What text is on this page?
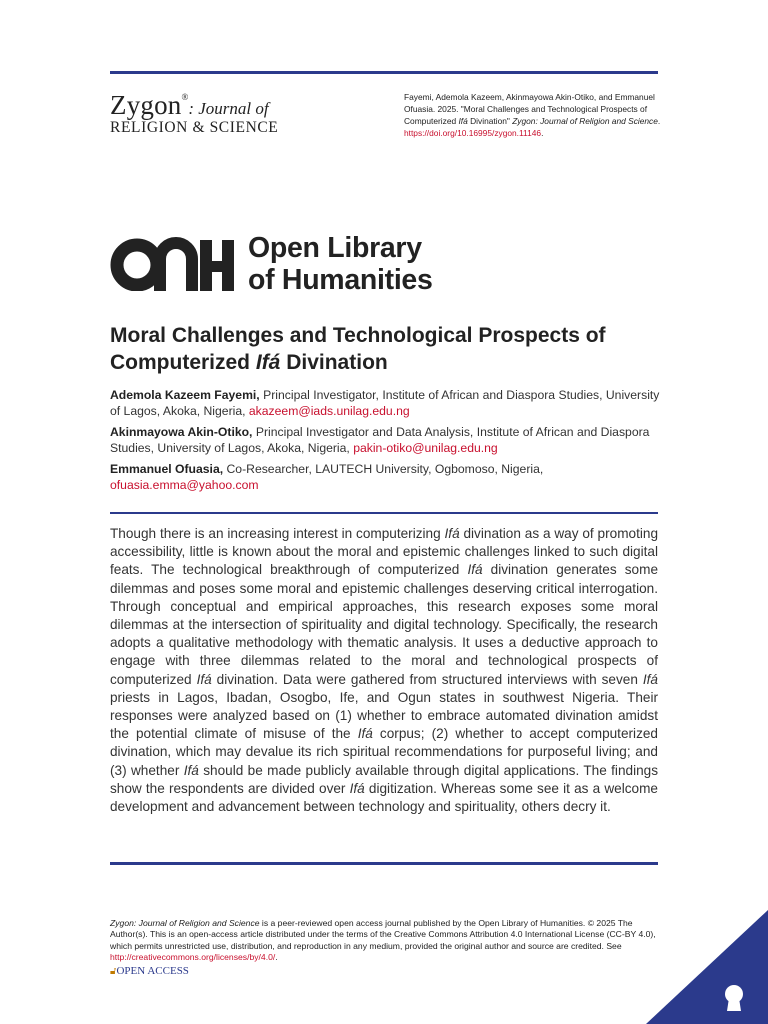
Zygon®: Journal of
RELIGION & SCIENCE
Fayemi, Ademola Kazeem, Akinmayowa Akin-Otiko, and Emmanuel Ofuasia. 2025. "Moral Challenges and Technological Prospects of Computerized Ifá Divination" Zygon: Journal of Religion and Science. https://doi.org/10.16995/zygon.11146.
Open Library
of Humanities
Moral Challenges and Technological Prospects of Computerized Ifá Divination
Ademola Kazeem Fayemi, Principal Investigator, Institute of African and Diaspora Studies, University of Lagos, Akoka, Nigeria, akazeem@iads.unilag.edu.ng
Akinmayowa Akin-Otiko, Principal Investigator and Data Analysis, Institute of African and Diaspora Studies, University of Lagos, Akoka, Nigeria, pakin-otiko@unilag.edu.ng
Emmanuel Ofuasia, Co-Researcher, LAUTECH University, Ogbomoso, Nigeria, ofuasia.emma@yahoo.com
Though there is an increasing interest in computerizing Ifá divination as a way of promoting accessibility, little is known about the moral and epistemic challenges linked to such digital feats. The technological breakthrough of computerized Ifá divination generates some dilemmas and poses some moral and epistemic challenges deserving critical interrogation. Through conceptual and empirical approaches, this research exposes some moral dilemmas at the intersection of spirituality and digital technology. Specifically, the research adopts a qualitative methodology with thematic analysis. It uses a deductive approach to engage with three dilemmas related to the moral and technological prospects of computerized Ifá divination. Data were gathered from structured interviews with seven Ifá priests in Lagos, Ibadan, Osogbo, Ife, and Ogun states in southwest Nigeria. Their responses were analyzed based on (1) whether to embrace automated divination amidst the potential climate of misuse of the Ifá corpus; (2) whether to accept computerized divination, which may devalue its rich spiritual recommendations for purposeful living; and (3) whether Ifá should be made publicly available through digital applications. The findings show the respondents are divided over Ifá digitization. Whereas some see it as a welcome development and advancement between technology and spirituality, others decry it.
Zygon: Journal of Religion and Science is a peer-reviewed open access journal published by the Open Library of Humanities. © 2025 The Author(s). This is an open-access article distributed under the terms of the Creative Commons Attribution 4.0 International License (CC-BY 4.0), which permits unrestricted use, distribution, and reproduction in any medium, provided the original author and source are credited. See http://creativecommons.org/licenses/by/4.0/.
🔓︎OPEN ACCESS
